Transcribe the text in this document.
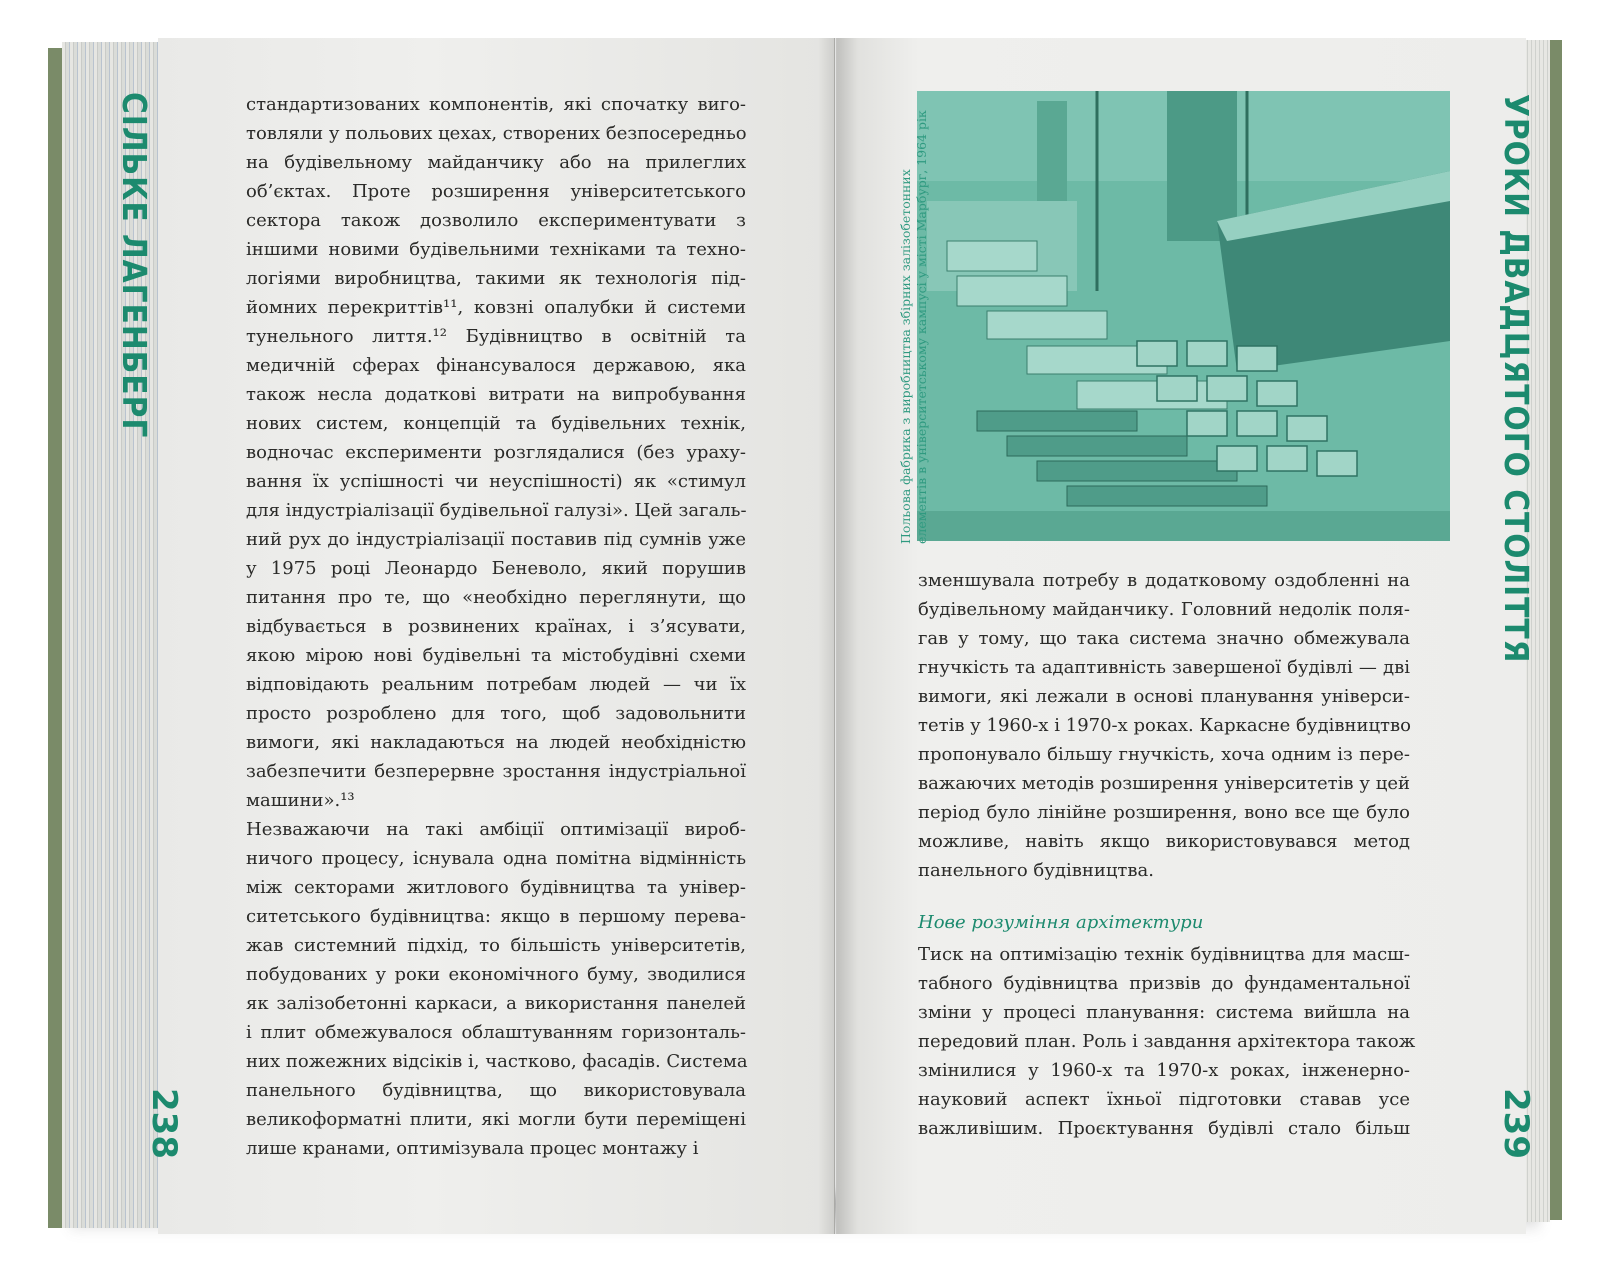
СІЛЬКЕ ЛАГЕНБЕРГ
238
стандартизованих компонентів, які спочатку виго-
товляли у польових цехах, створених безпосередньо
на будівельному майданчику або на прилеглих
об’єктах. Проте розширення університетського
сектора також дозволило експериментувати з
іншими новими будівельними техніками та техно-
логіями виробництва, такими як технологія під-
йомних перекриттів¹¹, ковзні опалубки й системи
тунельного лиття.¹² Будівництво в освітній та
медичній сферах фінансувалося державою, яка
також несла додаткові витрати на випробування
нових систем, концепцій та будівельних технік,
водночас експерименти розглядалися (без ураху-
вання їх успішності чи неуспішності) як «стимул
для індустріалізації будівельної галузі». Цей загаль-
ний рух до індустріалізації поставив під сумнів уже
у 1975 році Леонардо Беневоло, який порушив
питання про те, що «необхідно переглянути, що
відбувається в розвинених країнах, і з’ясувати,
якою мірою нові будівельні та містобудівні схеми
відповідають реальним потребам людей — чи їх
просто розроблено для того, щоб задовольнити
вимоги, які накладаються на людей необхідністю
забезпечити безперервне зростання індустріальної
машини».¹³
Незважаючи на такі амбіції оптимізації вироб-
ничого процесу, існувала одна помітна відмінність
між секторами житлового будівництва та універ-
ситетського будівництва: якщо в першому перева-
жав системний підхід, то більшість університетів,
побудованих у роки економічного буму, зводилися
як залізобетонні каркаси, а використання панелей
і плит обмежувалося облаштуванням горизонталь-
них пожежних відсіків і, частково, фасадів. Система
панельного будівництва, що використовувала
великоформатні плити, які могли бути переміщені
лише кранами, оптимізувала процес монтажу і
Польова фабрика з виробництва збірних залізобетонних елементів в університетському кампусі у місті Марбург, 1964 рік	УРОКИ ДВАДЦЯТОГО СТОЛІТТЯ
239
зменшувала потребу в додатковому оздобленні на
будівельному майданчику. Головний недолік поля-
гав у тому, що така система значно обмежувала
гнучкість та адаптивність завершеної будівлі — дві
вимоги, які лежали в основі планування універси-
тетів у 1960-х і 1970-х роках. Каркасне будівництво
пропонувало більшу гнучкість, хоча одним із пере-
важаючих методів розширення університетів у цей
період було лінійне розширення, воно все ще було
можливе, навіть якщо використовувався метод
панельного будівництва.
Нове розуміння архітектури
Тиск на оптимізацію технік будівництва для масш-
табного будівництва призвів до фундаментальної
зміни у процесі планування: система вийшла на
передовий план. Роль і завдання архітектора також
змінилися у 1960-х та 1970-х роках, інженерно-
науковий аспект їхньої підготовки ставав усе
важливішим. Проєктування будівлі стало більш
